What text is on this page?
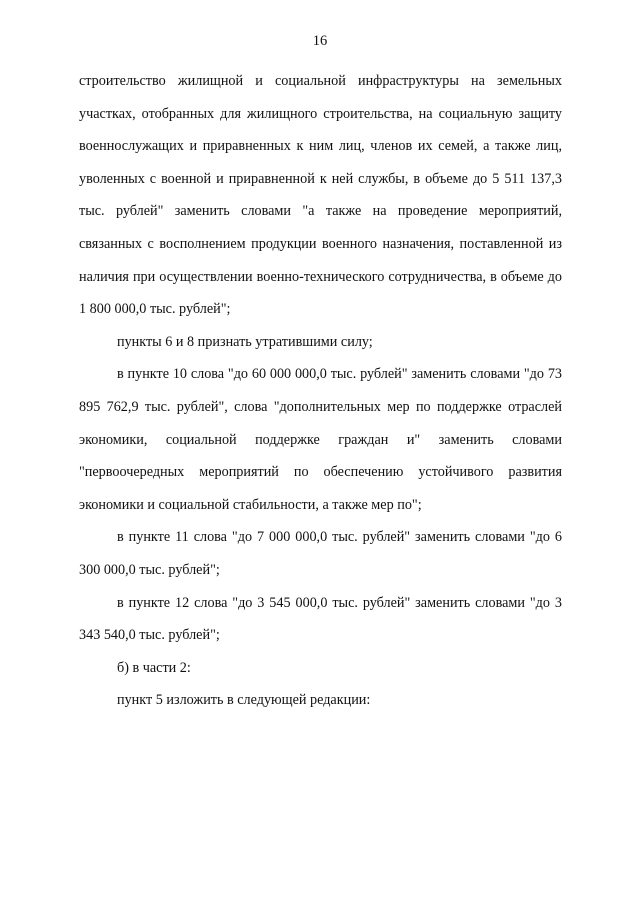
16
строительство жилищной и социальной инфраструктуры на земельных участках, отобранных для жилищного строительства, на социальную защиту военнослужащих и приравненных к ним лиц, членов их семей, а также лиц, уволенных с военной и приравненной к ней службы, в объеме до 5 511 137,3 тыс. рублей" заменить словами "а также на проведение мероприятий, связанных с восполнением продукции военного назначения, поставленной из наличия при осуществлении военно-технического сотрудничества, в объеме до 1 800 000,0 тыс. рублей";
пункты 6 и 8 признать утратившими силу;
в пункте 10 слова "до 60 000 000,0 тыс. рублей" заменить словами "до 73 895 762,9 тыс. рублей", слова "дополнительных мер по поддержке отраслей экономики, социальной поддержке граждан и" заменить словами "первоочередных мероприятий по обеспечению устойчивого развития экономики и социальной стабильности, а также мер по";
в пункте 11 слова "до 7 000 000,0 тыс. рублей" заменить словами "до 6 300 000,0 тыс. рублей";
в пункте 12 слова "до 3 545 000,0 тыс. рублей" заменить словами "до 3 343 540,0 тыс. рублей";
б) в части 2:
пункт 5 изложить в следующей редакции:
